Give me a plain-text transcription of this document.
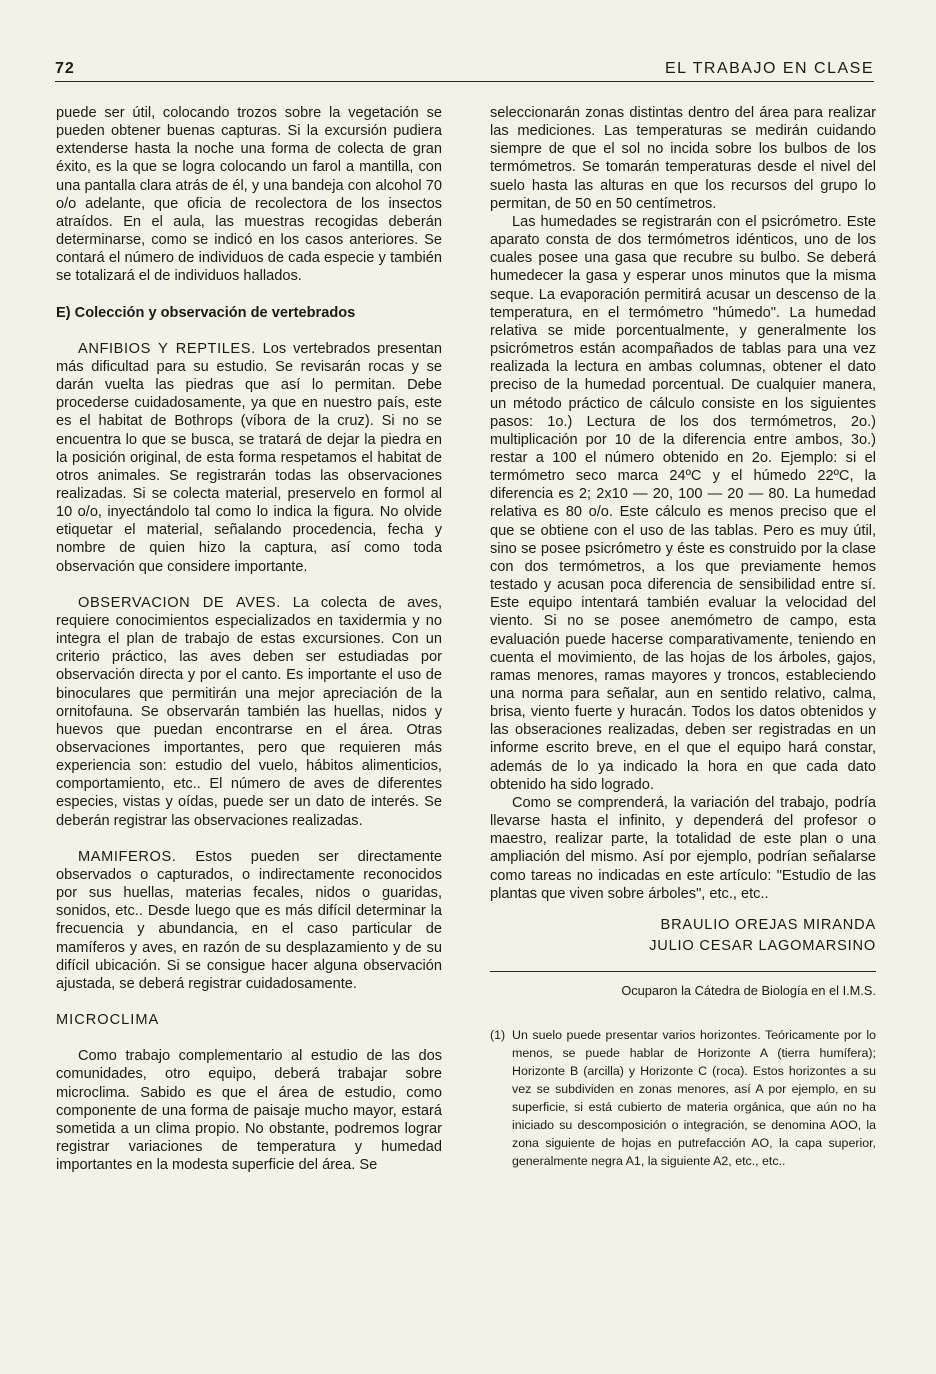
72	EL TRABAJO EN CLASE

puede ser útil, colocando trozos sobre la vegetación se pueden obtener buenas capturas. Si la excursión pudiera extenderse hasta la noche una forma de colecta de gran éxito, es la que se logra colocando un farol a mantilla, con una pantalla clara atrás de él, y una bandeja con alcohol 70 o/o adelante, que oficia de recolectora de los insectos atraídos. En el aula, las muestras recogidas deberán determinarse, como se indicó en los casos anteriores. Se contará el número de individuos de cada especie y también se totalizará el de individuos hallados.

E) Colección y observación de vertebrados

ANFIBIOS Y REPTILES. Los vertebrados presentan más dificultad para su estudio. Se revisarán rocas y se darán vuelta las piedras que así lo permitan. Debe procederse cuidadosamente, ya que en nuestro país, este es el habitat de Bothrops (víbora de la cruz). Si no se encuentra lo que se busca, se tratará de dejar la piedra en la posición original, de esta forma respetamos el habitat de otros animales. Se registrarán todas las observaciones realizadas. Si se colecta material, preservelo en formol al 10 o/o, inyectándolo tal como lo indica la figura. No olvide etiquetar el material, señalando procedencia, fecha y nombre de quien hizo la captura, así como toda observación que considere importante.

OBSERVACION DE AVES. La colecta de aves, requiere conocimientos especializados en taxidermia y no integra el plan de trabajo de estas excursiones. Con un criterio práctico, las aves deben ser estudiadas por observación directa y por el canto. Es importante el uso de binoculares que permitirán una mejor apreciación de la ornitofauna. Se observarán también las huellas, nidos y huevos que puedan encontrarse en el área. Otras observaciones importantes, pero que requieren más experiencia son: estudio del vuelo, hábitos alimenticios, comportamiento, etc.. El número de aves de diferentes especies, vistas y oídas, puede ser un dato de interés. Se deberán registrar las observaciones realizadas.

MAMIFEROS. Estos pueden ser directamente observados o capturados, o indirectamente reconocidos por sus huellas, materias fecales, nidos o guaridas, sonidos, etc.. Desde luego que es más difícil determinar la frecuencia y abundancia, en el caso particular de mamíferos y aves, en razón de su desplazamiento y de su difícil ubicación. Si se consigue hacer alguna observación ajustada, se deberá registrar cuidadosamente.

MICROCLIMA

Como trabajo complementario al estudio de las dos comunidades, otro equipo, deberá trabajar sobre microclima. Sabido es que el área de estudio, como componente de una forma de paisaje mucho mayor, estará sometida a un clima propio. No obstante, podremos lograr registrar variaciones de temperatura y humedad importantes en la modesta superficie del área. Se

seleccionarán zonas distintas dentro del área para realizar las mediciones. Las temperaturas se medirán cuidando siempre de que el sol no incida sobre los bulbos de los termómetros. Se tomarán temperaturas desde el nivel del suelo hasta las alturas en que los recursos del grupo lo permitan, de 50 en 50 centímetros.

Las humedades se registrarán con el psicrómetro. Este aparato consta de dos termómetros idénticos, uno de los cuales posee una gasa que recubre su bulbo. Se deberá humedecer la gasa y esperar unos minutos que la misma seque. La evaporación permitirá acusar un descenso de la temperatura, en el termómetro "húmedo". La humedad relativa se mide porcentualmente, y generalmente los psicrómetros están acompañados de tablas para una vez realizada la lectura en ambas columnas, obtener el dato preciso de la humedad porcentual. De cualquier manera, un método práctico de cálculo consiste en los siguientes pasos: 1o.) Lectura de los dos termómetros, 2o.) multiplicación por 10 de la diferencia entre ambos, 3o.) restar a 100 el número obtenido en 2o. Ejemplo: si el termómetro seco marca 24ºC y el húmedo 22ºC, la diferencia es 2; 2x10 — 20, 100 — 20 — 80. La humedad relativa es 80 o/o. Este cálculo es menos preciso que el que se obtiene con el uso de las tablas. Pero es muy útil, sino se posee psicrómetro y éste es construido por la clase con dos termómetros, a los que previamente hemos testado y acusan poca diferencia de sensibilidad entre sí. Este equipo intentará también evaluar la velocidad del viento. Si no se posee anemómetro de campo, esta evaluación puede hacerse comparativamente, teniendo en cuenta el movimiento, de las hojas de los árboles, gajos, ramas menores, ramas mayores y troncos, estableciendo una norma para señalar, aun en sentido relativo, calma, brisa, viento fuerte y huracán. Todos los datos obtenidos y las obseraciones realizadas, deben ser registradas en un informe escrito breve, en el que el equipo hará constar, además de lo ya indicado la hora en que cada dato obtenido ha sido logrado.

Como se comprenderá, la variación del trabajo, podría llevarse hasta el infinito, y dependerá del profesor o maestro, realizar parte, la totalidad de este plan o una ampliación del mismo. Así por ejemplo, podrían señalarse como tareas no indicadas en este artículo: "Estudio de las plantas que viven sobre árboles", etc., etc..

BRAULIO OREJAS MIRANDA
JULIO CESAR LAGOMARSINO
Ocuparon la Cátedra de Biología en el I.M.S.
(1) Un suelo puede presentar varios horizontes. Teóricamente por lo menos, se puede hablar de Horizonte A (tierra humífera); Horizonte B (arcilla) y Horizonte C (roca). Estos horizontes a su vez se subdividen en zonas menores, así A por ejemplo, en su superficie, si está cubierto de materia orgánica, que aún no ha iniciado su descomposición o integración, se denomina AOO, la zona siguiente de hojas en putrefacción AO, la capa superior, generalmente negra A1, la siguiente A2, etc., etc..
